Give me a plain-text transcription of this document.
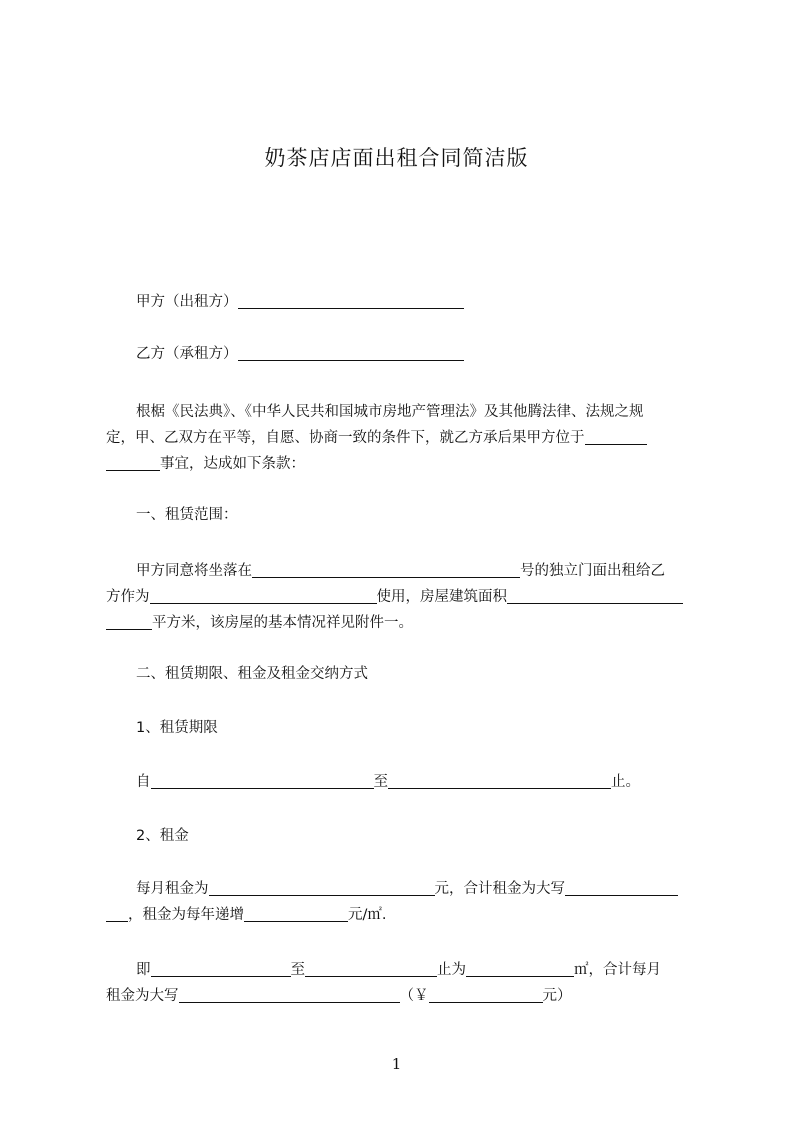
奶茶店店面出租合同简洁版

甲方（出租方）

乙方（承租方）

根椐《民法典》、《中华人民共和国城市房地产管理法》及其他腾法律、法规之规

定，甲、乙双方在平等，自愿、协商一致的条件下，就乙方承后果甲方位于

事宜，达成如下条款：

一、租赁范围：

甲方同意将坐落在	号的独立门面出租给乙

方作为	使用，房屋建筑面积

平方米，该房屋的基本情况祥见附件一。

二、租赁期限、租金及租金交纳方式

1、租赁期限

自	至	止。

2、租金

每月租金为	元，合计租金为大写

，租金为每年递增	元/㎡.

即	至	止为	㎡，合计每月

租金为大写	（￥	元）

1
